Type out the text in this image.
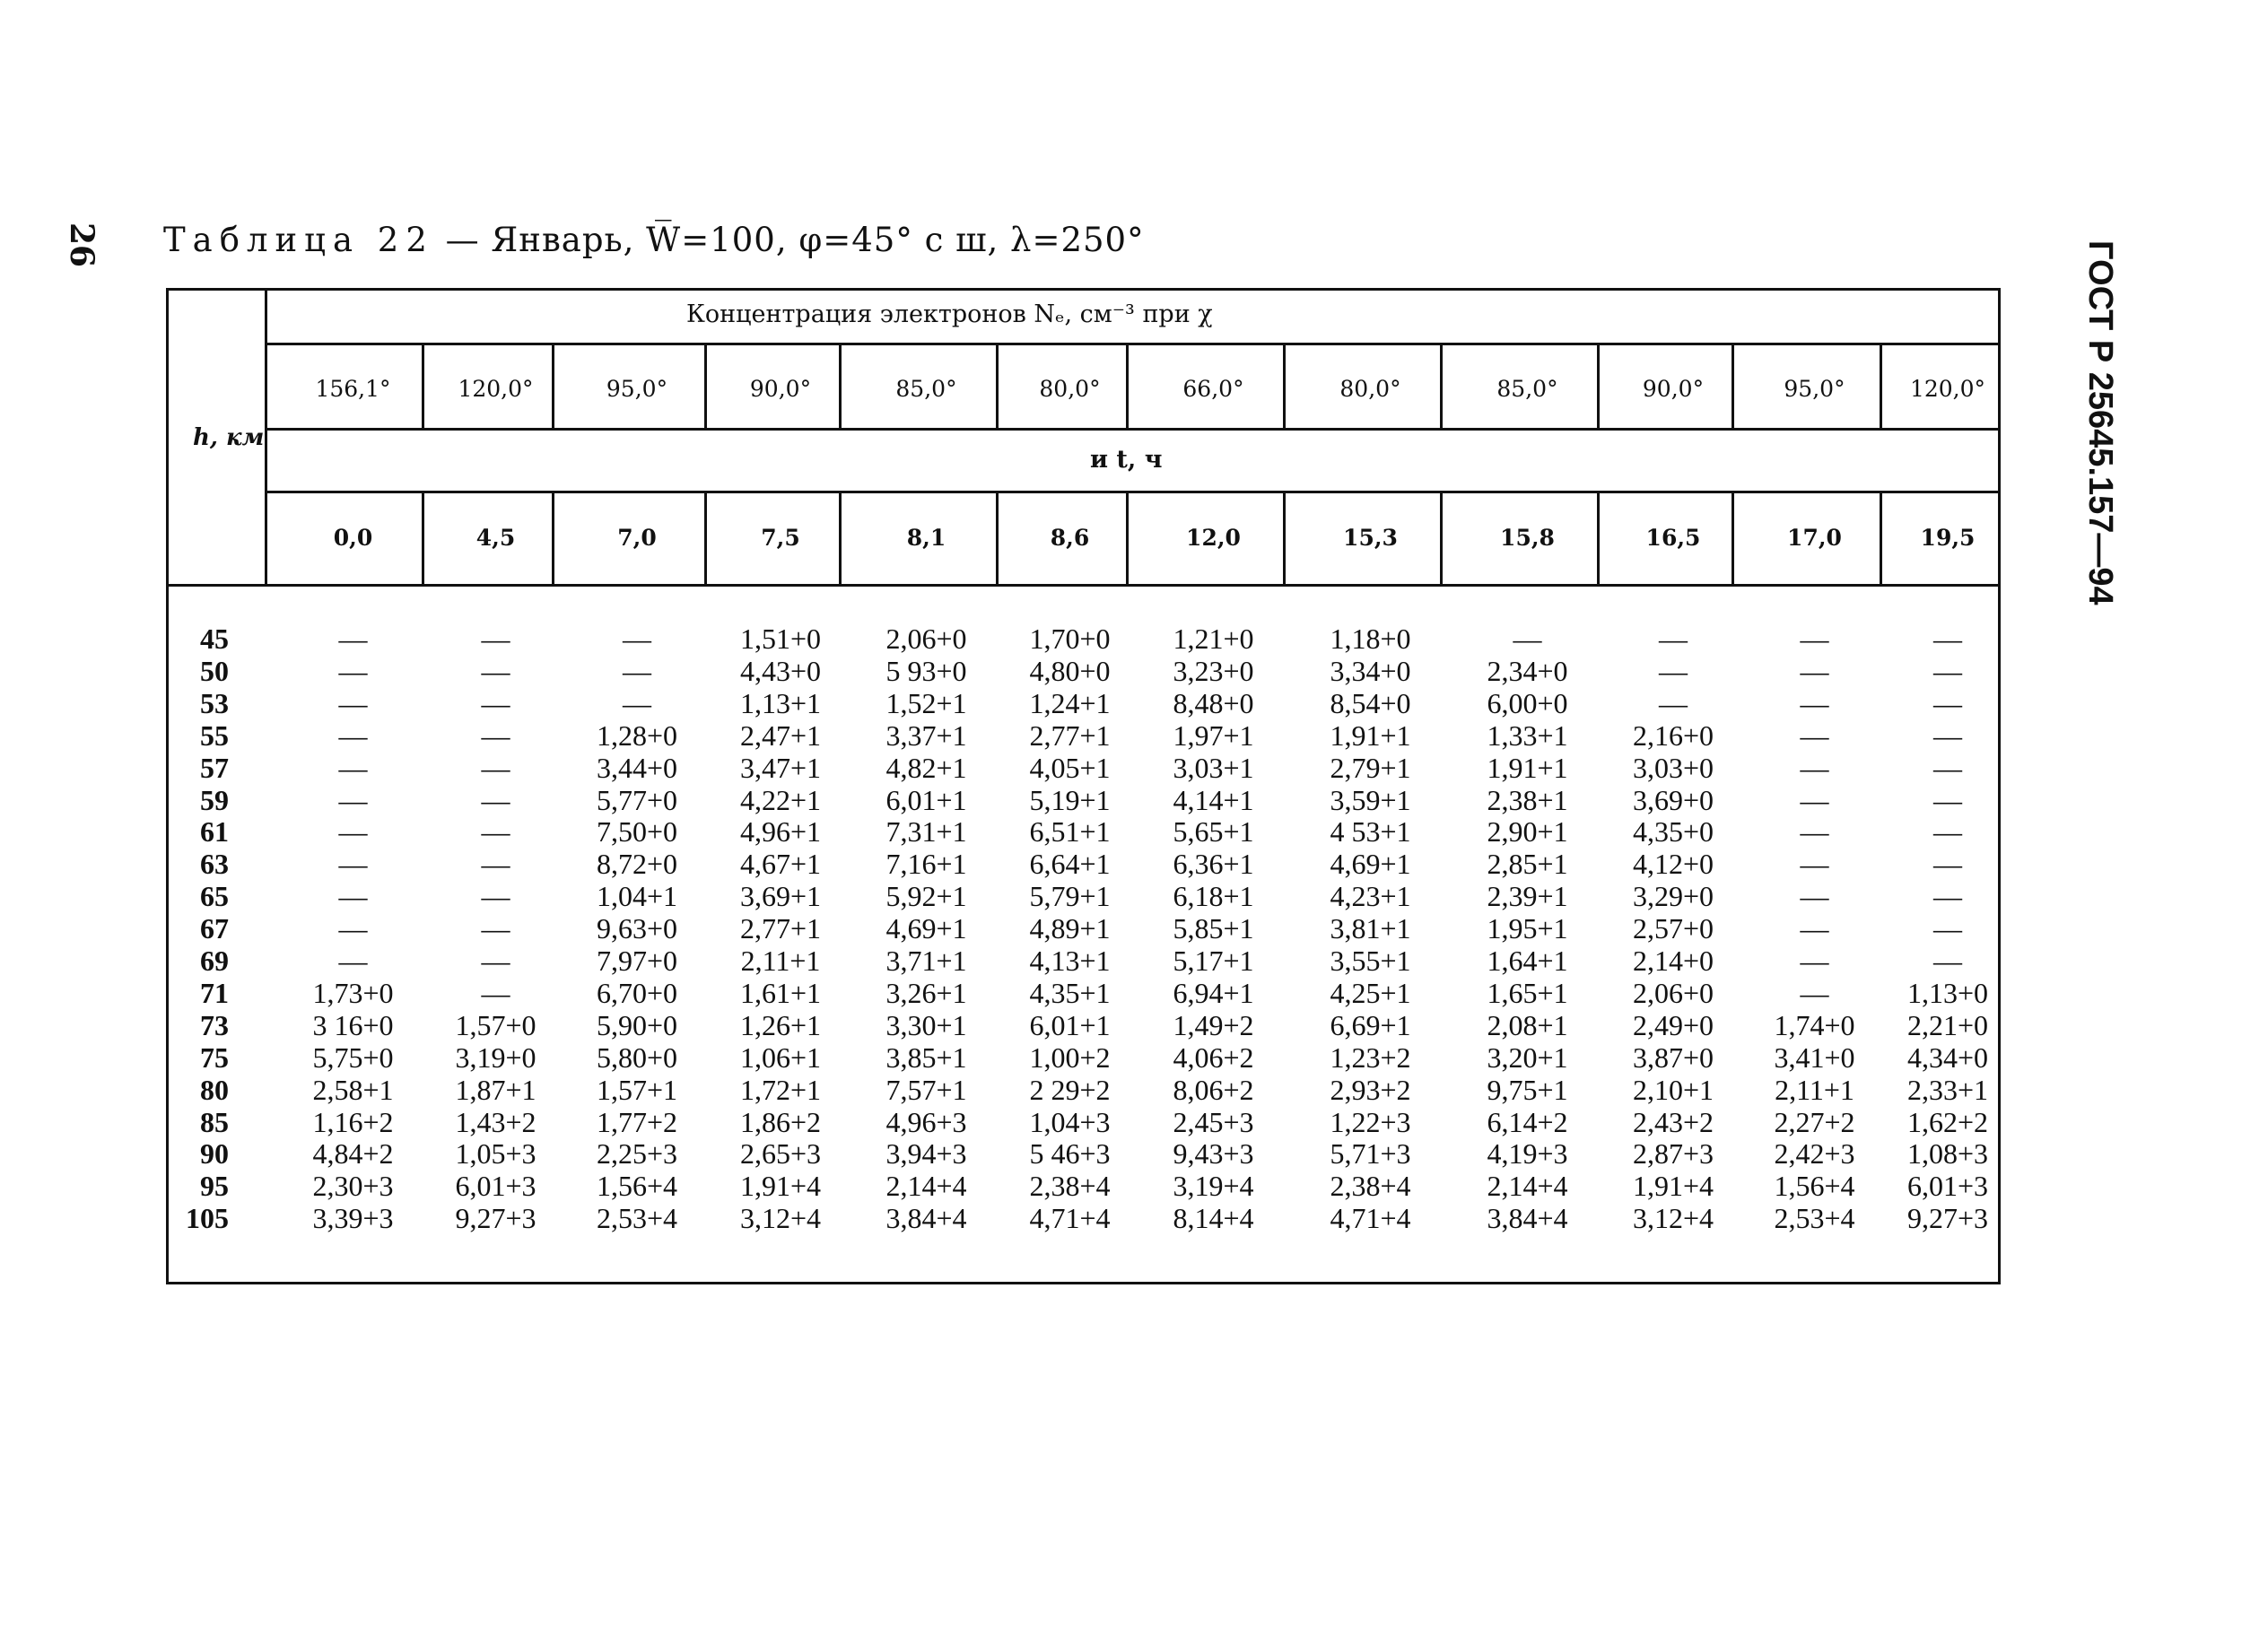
26 Таблица 22 — Январь, W̅=100, φ=45° с ш, λ=250°
ГОСТ Р 25645.157—94
Концентрация электронов Nₑ, см⁻³ при χ
и t, ч
h, км
156,1°	120,0°	95,0°	90,0°	85,0°	80,0°	66,0°	80,0°	85,0°	90,0°	95,0°	120,0°
0,0	4,5	7,0	7,5	8,1	8,6	12,0	15,3	15,8	16,5	17,0	19,5
45	—	—	—	1,51+0	2,06+0	1,70+0	1,21+0	1,18+0	—	—	—	—
50	—	—	—	4,43+0	5 93+0	4,80+0	3,23+0	3,34+0	2,34+0	—	—	—
53	—	—	—	1,13+1	1,52+1	1,24+1	8,48+0	8,54+0	6,00+0	—	—	—
55	—	—	1,28+0	2,47+1	3,37+1	2,77+1	1,97+1	1,91+1	1,33+1	2,16+0	—	—
57	—	—	3,44+0	3,47+1	4,82+1	4,05+1	3,03+1	2,79+1	1,91+1	3,03+0	—	—
59	—	—	5,77+0	4,22+1	6,01+1	5,19+1	4,14+1	3,59+1	2,38+1	3,69+0	—	—
61	—	—	7,50+0	4,96+1	7,31+1	6,51+1	5,65+1	4 53+1	2,90+1	4,35+0	—	—
63	—	—	8,72+0	4,67+1	7,16+1	6,64+1	6,36+1	4,69+1	2,85+1	4,12+0	—	—
65	—	—	1,04+1	3,69+1	5,92+1	5,79+1	6,18+1	4,23+1	2,39+1	3,29+0	—	—
67	—	—	9,63+0	2,77+1	4,69+1	4,89+1	5,85+1	3,81+1	1,95+1	2,57+0	—	—
69	—	—	7,97+0	2,11+1	3,71+1	4,13+1	5,17+1	3,55+1	1,64+1	2,14+0	—	—
71	1,73+0	—	6,70+0	1,61+1	3,26+1	4,35+1	6,94+1	4,25+1	1,65+1	2,06+0	—	1,13+0
73	3 16+0	1,57+0	5,90+0	1,26+1	3,30+1	6,01+1	1,49+2	6,69+1	2,08+1	2,49+0	1,74+0	2,21+0
75	5,75+0	3,19+0	5,80+0	1,06+1	3,85+1	1,00+2	4,06+2	1,23+2	3,20+1	3,87+0	3,41+0	4,34+0
80	2,58+1	1,87+1	1,57+1	1,72+1	7,57+1	2 29+2	8,06+2	2,93+2	9,75+1	2,10+1	2,11+1	2,33+1
85	1,16+2	1,43+2	1,77+2	1,86+2	4,96+3	1,04+3	2,45+3	1,22+3	6,14+2	2,43+2	2,27+2	1,62+2
90	4,84+2	1,05+3	2,25+3	2,65+3	3,94+3	5 46+3	9,43+3	5,71+3	4,19+3	2,87+3	2,42+3	1,08+3
95	2,30+3	6,01+3	1,56+4	1,91+4	2,14+4	2,38+4	3,19+4	2,38+4	2,14+4	1,91+4	1,56+4	6,01+3
105	3,39+3	9,27+3	2,53+4	3,12+4	3,84+4	4,71+4	8,14+4	4,71+4	3,84+4	3,12+4	2,53+4	9,27+3
